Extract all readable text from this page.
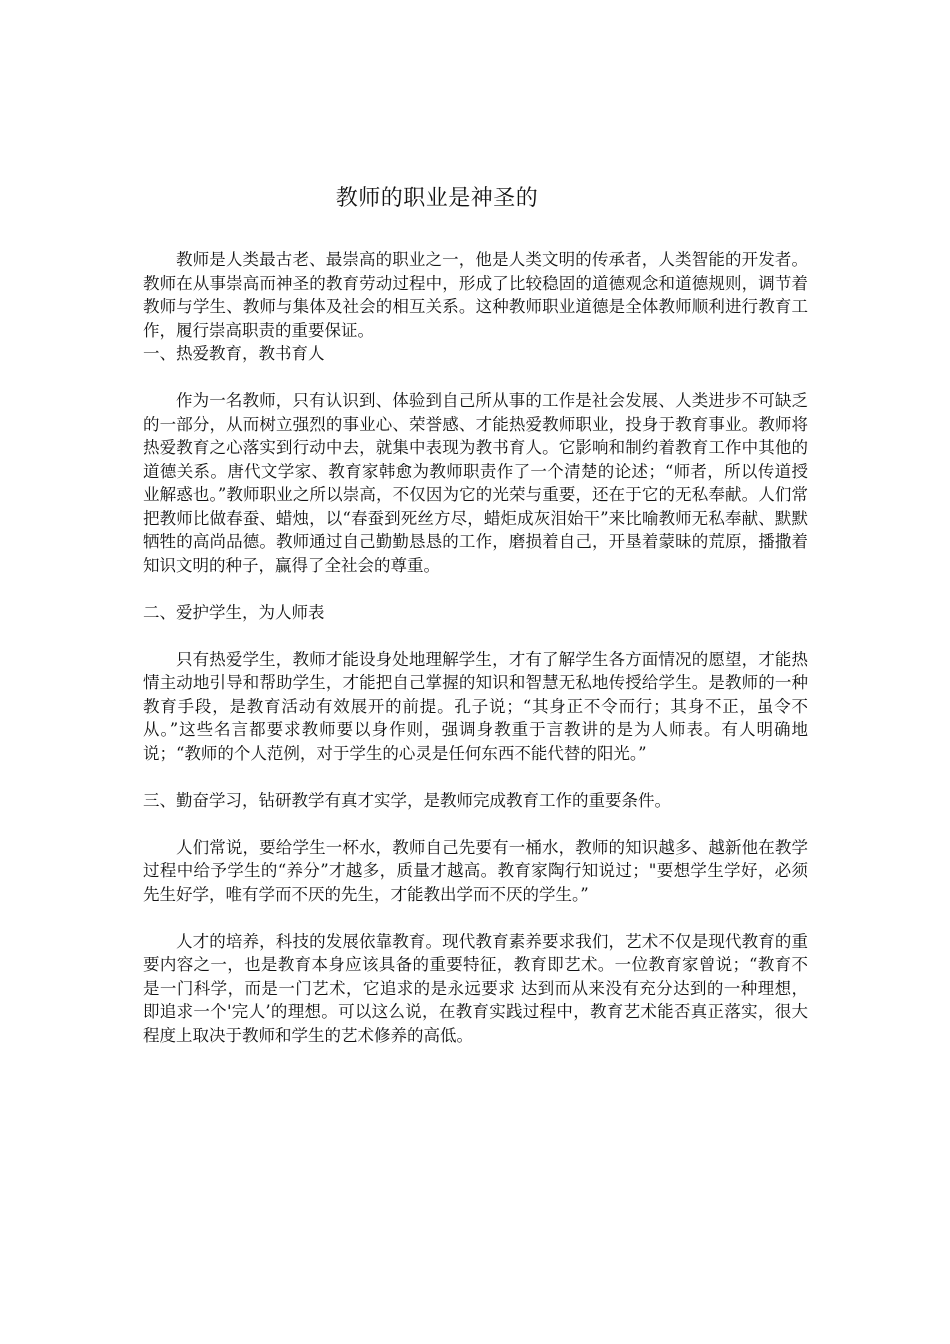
教师的职业是神圣的

教师是人类最古老、最崇高的职业之一，他是人类文明的传承者，人类智能的开发者。教师在从事崇高而神圣的教育劳动过程中，形成了比较稳固的道德观念和道德规则，调节着教师与学生、教师与集体及社会的相互关系。这种教师职业道德是全体教师顺利进行教育工作，履行崇高职责的重要保证。

一、热爱教育，教书育人

作为一名教师，只有认识到、体验到自己所从事的工作是社会发展、人类进步不可缺乏的一部分，从而树立强烈的事业心、荣誉感、才能热爱教师职业，投身于教育事业。教师将热爱教育之心落实到行动中去，就集中表现为教书育人。它影响和制约着教育工作中其他的道德关系。唐代文学家、教育家韩愈为教师职责作了一个清楚的论述；“师者，所以传道授业解惑也。”教师职业之所以崇高，不仅因为它的光荣与重要，还在于它的无私奉献。人们常把教师比做春蚕、蜡烛，以“春蚕到死丝方尽，蜡炬成灰泪始干”来比喻教师无私奉献、默默牺牲的高尚品德。教师通过自己勤勤恳恳的工作，磨损着自己，开垦着蒙昧的荒原，播撒着知识文明的种子，赢得了全社会的尊重。

二、爱护学生，为人师表

只有热爱学生，教师才能设身处地理解学生，才有了解学生各方面情况的愿望，才能热情主动地引导和帮助学生，才能把自己掌握的知识和智慧无私地传授给学生。是教师的一种教育手段，是教育活动有效展开的前提。孔子说；“其身正不令而行；其身不正，虽令不从。”这些名言都要求教师要以身作则，强调身教重于言教讲的是为人师表。有人明确地说；“教师的个人范例，对于学生的心灵是任何东西不能代替的阳光。”

三、勤奋学习，钻研教学有真才实学，是教师完成教育工作的重要条件。

人们常说，要给学生一杯水，教师自己先要有一桶水，教师的知识越多、越新他在教学过程中给予学生的“养分”才越多，质量才越高。教育家陶行知说过；"要想学生学好，必须先生好学，唯有学而不厌的先生，才能教出学而不厌的学生。”

人才的培养，科技的发展依靠教育。现代教育素养要求我们，艺术不仅是现代教育的重要内容之一，也是教育本身应该具备的重要特征，教育即艺术。一位教育家曾说；“教育不是一门科学，而是一门艺术，它追求的是永远要求 达到而从来没有充分达到的一种理想，即追求一个'完人’的理想。可以这么说，在教育实践过程中，教育艺术能否真正落实，很大程度上取决于教师和学生的艺术修养的高低。
